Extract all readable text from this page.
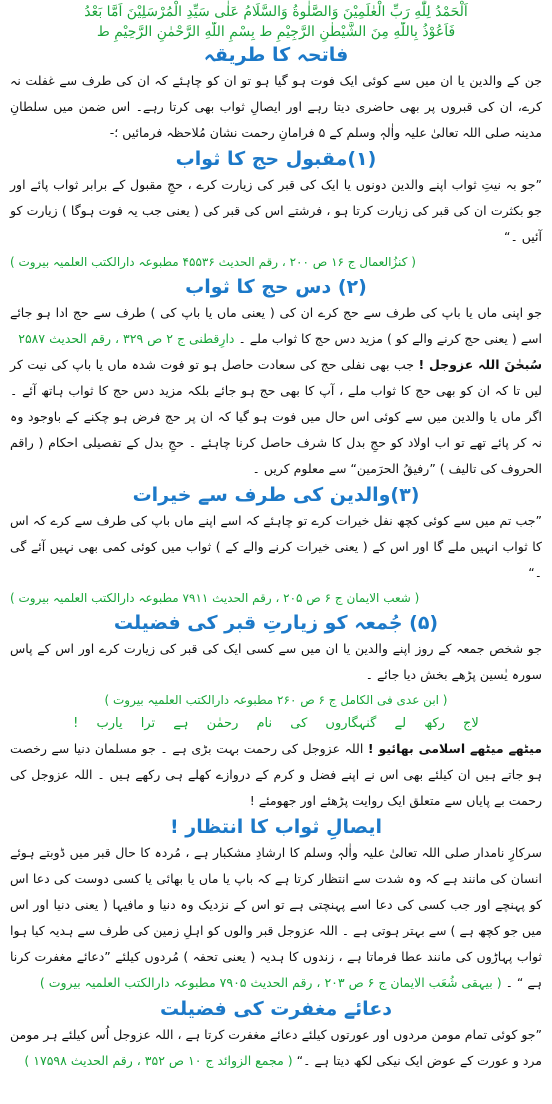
اَلْحَمْدُ لِلّٰهِ رَبِّ الْعٰلَمِيْنَ وَالصَّلٰوةُ وَالسَّلَامُ عَلٰى سَيِّدِ الْمُرْسَلِيْنَ اَمَّا بَعْدُ

فَاَعُوْذُ بِاللّٰهِ مِنَ الشَّيْطٰنِ الرَّجِيْمِ ط بِسْمِ اللّٰهِ الرَّحْمٰنِ الرَّحِيْمِ ط

فاتحہ کا طریقہ

جن کے والدین یا ان میں سے کوئی ایک فوت ہو گیا ہو تو ان کو چاہئے کہ ان کی طرف سے غفلت نہ کرے، ان کی قبروں پر بھی حاضری دیتا رہے اور ایصالِ ثواب بھی کرتا رہے۔ اس ضمن میں سلطانِ مدینہ صلی اللہ تعالیٰ علیہ واٰلہٖ وسلم کے ۵ فرامانِ رحمت نشان مُلاحظہ فرمائیں ؛-

(۱)مقبول حج کا ثواب

”جو بہ نیتِ ثواب اپنے والدین دونوں یا ایک کی قبر کی زیارت کرے ، حجِ مقبول کے برابر ثواب پائے اور جو بکثرت ان کی قبر کی زیارت کرتا ہو ، فرشتے اس کی قبر کی ( یعنی جب یہ فوت ہوگا ) زیارت کو آئیں ۔“

( کنزُالعمال ج ۱۶ ص ۲۰۰ ، رقم الحدیث ۴۵۵۳۶ مطبوعہ دارالکتب العلمیہ بیروت )

(۲) دس حج کا ثواب

جو اپنی ماں یا باپ کی طرف سے حج کرے ان کی ( یعنی ماں یا باپ کی ) طرف سے حج ادا ہو جائے اسے ( یعنی حج کرنے والے کو ) مزید دس حج کا ثواب ملے ۔ دارِقطنی ج ۲ ص ۳۲۹ ، رقم الحدیث ۲۵۸۷

سُبحٰنَ اللہ عزوجل ! جب بھی نفلی حج کی سعادت حاصل ہو تو فوت شدہ ماں یا باپ کی نیت کر لیں تا کہ ان کو بھی حج کا ثواب ملے ، آپ کا بھی حج ہو جائے بلکہ مزید دس حج کا ثواب ہاتھ آئے ۔ اگر ماں یا والدین میں سے کوئی اس حال میں فوت ہو گیا کہ ان پر حج فرض ہو چکنے کے باوجود وہ نہ کر پائے تھے تو اب اولاد کو حجِ بدل کا شرف حاصل کرنا چاہئے ۔ حجِ بدل کے تفصیلی احکام ( راقم الحروف کی تالیف ) ”رفیقُ الحرَمین“ سے معلوم کریں ۔

(۳)والدین کی طرف سے خیرات

”جب تم میں سے کوئی کچھ نفل خیرات کرے تو چاہئے کہ اسے اپنے ماں باپ کی طرف سے کرے کہ اس کا ثواب انہیں ملے گا اور اس کے ( یعنی خیرات کرنے والے کے ) ثواب میں کوئی کمی بھی نہیں آئے گی ۔“

( شعب الایمان ج ۶ ص ۲۰۵ ، رقم الحدیث ۷۹۱۱ مطبوعہ دارالکتب العلمیہ بیروت )

(۵) جُمعہ کو زیارتِ قبر کی فضیلت

جو شخص جمعہ کے روز اپنے والدین یا ان میں سے کسی ایک کی قبر کی زیارت کرے اور اس کے پاس سورہ یٰسین پڑھے بخش دیا جائے ۔

( ابن عدی فی الکامل ج ۶ ص ۲۶۰ مطبوعہ دارالکتب العلمیہ بیروت )

لاج رکھ لے گنہگاروں کی نام رحمٰن ہے ترا یارب !

میٹھے میٹھے اسلامی بھائیو ! اللہ عزوجل کی رحمت بہت بڑی ہے ۔ جو مسلمان دنیا سے رخصت ہو جاتے ہیں ان کیلئے بھی اس نے اپنے فضل و کرم کے دروازے کھلے ہی رکھے ہیں ۔ اللہ عزوجل کی رحمت بے پایاں سے متعلق ایک روایت پڑھئے اور جھومئے !

ایصالِ ثواب کا انتظار !

سرکارِ نامدار صلی اللہ تعالیٰ علیہ واٰلہٖ وسلم کا ارشادِ مشکبار ہے ، مُردہ کا حال قبر میں ڈوبتے ہوئے انسان کی مانند ہے کہ وہ شدت سے انتظار کرتا ہے کہ باپ یا ماں یا بھائی یا کسی دوست کی دعا اس کو پہنچے اور جب کسی کی دعا اسے پہنچتی ہے تو اس کے نزدیک وہ دنیا و مافیہا ( یعنی دنیا اور اس میں جو کچھ ہے ) سے بہتر ہوتی ہے ۔ اللہ عزوجل قبر والوں کو اہلِ زمین کی طرف سے ہدیہ کیا ہوا ثواب پہاڑوں کی مانند عطا فرماتا ہے ، زندوں کا ہدیہ ( یعنی تحفہ ) مُردوں کیلئے ”دعائے مغفرت کرنا ہے “ ۔ ( بیہقی شُعَب الایمان ج ۶ ص ۲۰۳ ، رقم الحدیث ۷۹۰۵ مطبوعہ دارالکتب العلمیہ بیروت )

دعائے مغفرت کی فضیلت

”جو کوئی تمام مومن مردوں اور عورتوں کیلئے دعائے مغفرت کرتا ہے ، اللہ عزوجل اُس کیلئے ہر مومن مرد و عورت کے عوض ایک نیکی لکھ دیتا ہے ۔“ ( مجمع الزوائد ج ۱۰ ص ۳۵۲ ، رقم الحدیث ۱۷۵۹۸ )
